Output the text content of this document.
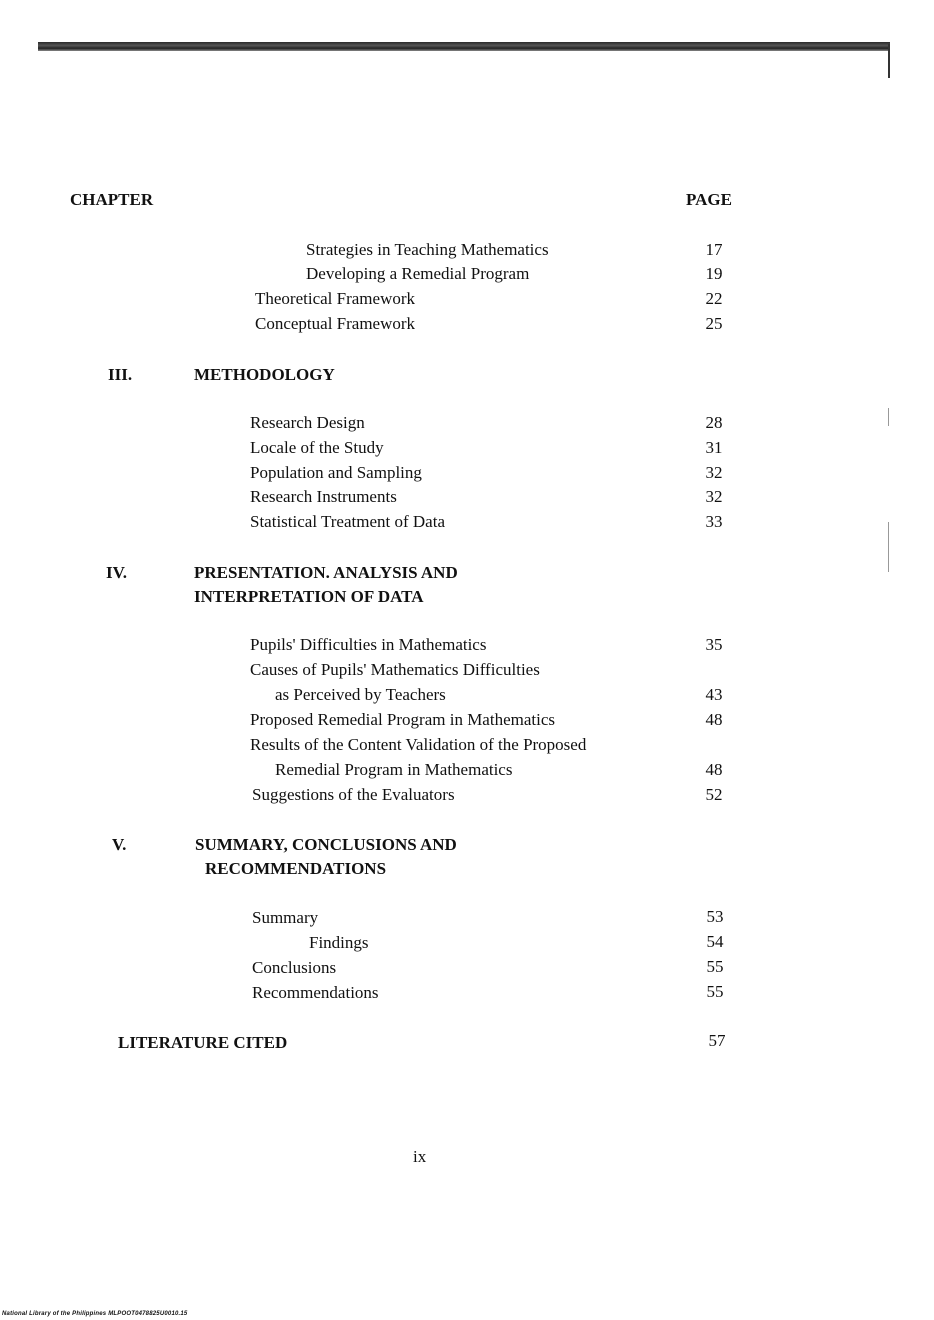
CHAPTER	PAGE
Strategies in Teaching Mathematics	17
Developing a Remedial Program	19
Theoretical Framework	22
Conceptual Framework	25
III.	METHODOLOGY
Research Design	28
Locale of the Study	31
Population and Sampling	32
Research Instruments	32
Statistical Treatment of Data	33
IV.	PRESENTATION. ANALYSIS AND
INTERPRETATION OF DATA
Pupils' Difficulties in Mathematics	35
Causes of Pupils' Mathematics Difficulties
as Perceived by Teachers	43
Proposed Remedial Program in Mathematics	48
Results of the Content Validation of the Proposed
Remedial Program in Mathematics	48
Suggestions of the Evaluators	52
V.	SUMMARY, CONCLUSIONS AND
RECOMMENDATIONS
Summary	53
Findings	54
Conclusions	55
Recommendations	55
LITERATURE CITED	57
ix
National Library of the Philippines MLPOOT0478825U0010.15
